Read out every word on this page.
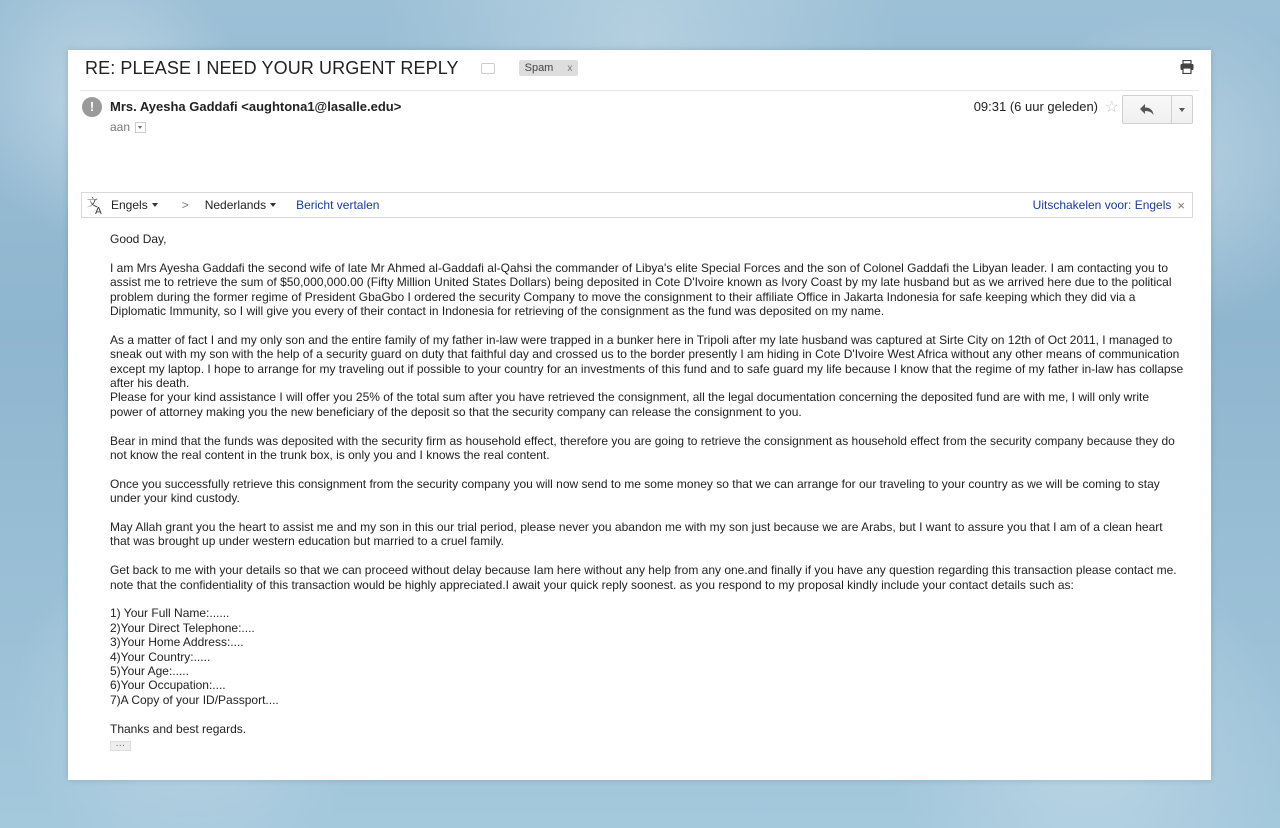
RE: PLEASE I NEED YOUR URGENT REPLY	Spam x
!	Mrs. Ayesha Gaddafi <aughtona1@lasalle.edu>
aan
09:31 (6 uur geleden) ☆
文
A Engels	> Nederlands	Bericht vertalen	Uitschakelen voor: Engels ×

Good Day,

I am Mrs Ayesha Gaddafi the second wife of late Mr Ahmed al-Gaddafi al-Qahsi the commander of Libya's elite Special Forces and the son of Colonel Gaddafi the Libyan leader. I am contacting you to assist me to retrieve the sum of $50,000,000.00 (Fifty Million United States Dollars) being deposited in Cote D'Ivoire known as Ivory Coast by my late husband but as we arrived here due to the political problem during the former regime of President GbaGbo I ordered the security Company to move the consignment to their affiliate Office in Jakarta Indonesia for safe keeping which they did via a Diplomatic Immunity, so I will give you every of their contact in Indonesia for retrieving of the consignment as the fund was deposited on my name.

As a matter of fact I and my only son and the entire family of my father in-law were trapped in a bunker here in Tripoli after my late husband was captured at Sirte City on 12th of Oct 2011, I managed to sneak out with my son with the help of a security guard on duty that faithful day and crossed us to the border presently I am hiding in Cote D'Ivoire West Africa without any other means of communication except my laptop. I hope to arrange for my traveling out if possible to your country for an investments of this fund and to safe guard my life because I know that the regime of my father in-law has collapse after his death.

Please for your kind assistance I will offer you 25% of the total sum after you have retrieved the consignment, all the legal documentation concerning the deposited fund are with me, I will only write power of attorney making you the new beneficiary of the deposit so that the security company can release the consignment to you.

Bear in mind that the funds was deposited with the security firm as household effect, therefore you are going to retrieve the consignment as household effect from the security company because they do not know the real content in the trunk box, is only you and I knows the real content.

Once you successfully retrieve this consignment from the security company you will now send to me some money so that we can arrange for our traveling to your country as we will be coming to stay under your kind custody.

May Allah grant you the heart to assist me and my son in this our trial period, please never you abandon me with my son just because we are Arabs, but I want to assure you that I am of a clean heart that was brought up under western education but married to a cruel family.

Get back to me with your details so that we can proceed without delay because Iam here without any help from any one.and finally if you have any question regarding this transaction please contact me. note that the confidentiality of this transaction would be highly appreciated.I await your quick reply soonest. as you respond to my proposal kindly include your contact details such as:

1) Your Full Name:......

2)Your Direct Telephone:....

3)Your Home Address:....

4)Your Country:.....

5)Your Age:.....

6)Your Occupation:....

7)A Copy of your ID/Passport....

Thanks and best regards.

…
